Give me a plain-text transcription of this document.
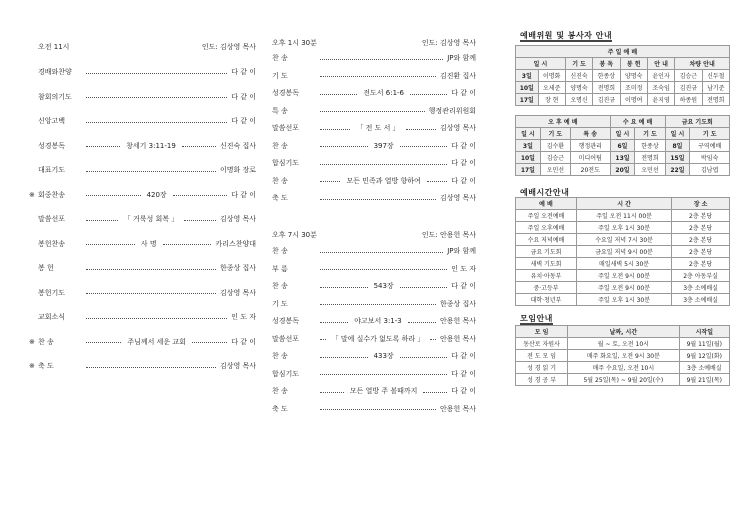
오전 11시	인도: 김상영 목사
경배와찬양	다 같 이
참회의기도	다 같 이
신앙고백	다 같 이
성경봉독	창세기 3:11-19	신진숙 집사
대표기도	이명화 장로
※ 회중찬송	420장	다 같 이
말씀선포	「 거룩성 회복 」	김상영 목사
봉헌찬송	사 명	카리스찬양대
봉 헌	한종상 집사
봉헌기도	김상영 목사
교회소식	인 도 자
※ 찬 송	주님께서 세운 교회	다 같 이
※ 축 도	김상영 목사
오후 1시 30분	인도: 김상영 목사
찬 송	JP와 함께
기 도	김진환 집사
성경봉독	전도서 6:1-6	다 같 이
특 송	행정관리위원회
말씀선포	「 전 도 서 」	김상영 목사
찬 송	397장	다 같 이
합심기도	다 같 이
찬 송	모든 민족과 열방 향하여	다 같 이
축 도	김상영 목사
오후 7시 30분	인도: 안용헌 목사
찬 송	JP와 함께
부 름	인 도 자
찬 송	543장	다 같 이
기 도	한종상 집사
성경봉독	야고보서 3:1-3	안용헌 목사
말씀선포	「 말에 실수가 없도록 하라 」 안용헌 목사
찬 송	433장	다 같 이
합심기도	다 같 이
찬 송	모든 열방 주 볼때까지	다 같 이
축 도	안용헌 목사
예배위원 및 봉사자 안내
주 일 예 배							
일 시		기 도	봉 독	봉 헌	안 내	차량 안내	
3일	이명화	신진숙	한종상	양명숙	윤인자	김승근	신두철
10일	오세준	양명숙	전명희	조미정	조숙임	김진규	남기준
17일	장 현	오명신	김진규	이명여	윤지영	하종원	전명희
오 후 예 배			수 요 예 배		금요 기도회	
일 시	기 도	특 송	일 시	기 도	일 시	기 도
3일	김수환	행정관리	6일	한종상	8일	구역예배
10일	김승근	미디어팀	13일	전명희	15일	박임숙
17일	오민선	20전도	20일	오민선	22일	김남엽
예배시간안내
예 배	시 간	장 소
주일 오전예배	주일 오전 11시 00분	2층 본당
주일 오후예배	주일 오후 1시 30분	2층 본당
수요 저녁예배	수요일 저녁 7시 30분	2층 본당
금요 기도회	금요일 저녁 9시 00분	2층 본당
새벽 기도회	매일새벽 5시 30분	2층 본당
유치·아동부	주일 오전 9시 00분	2층 아동부실
중·고등부	주일 오전 9시 00분	3층 소예배실
대학·청년부	주일 오후 1시 30분	3층 소예배실
모임안내
모 임	날짜, 시간	시작일
동산로 자원사	월 ~ 토, 오전 10시	9월 11일(월)
전 도 모 임	매주 화요일, 오전 9시 30분	9월 12일(화)
성 경 읽 기	매주 수요일, 오전 10시	3층 소예배실
성 경 공 부	5월 25일(목) ~ 9월 20일(수)	9월 21일(목)
